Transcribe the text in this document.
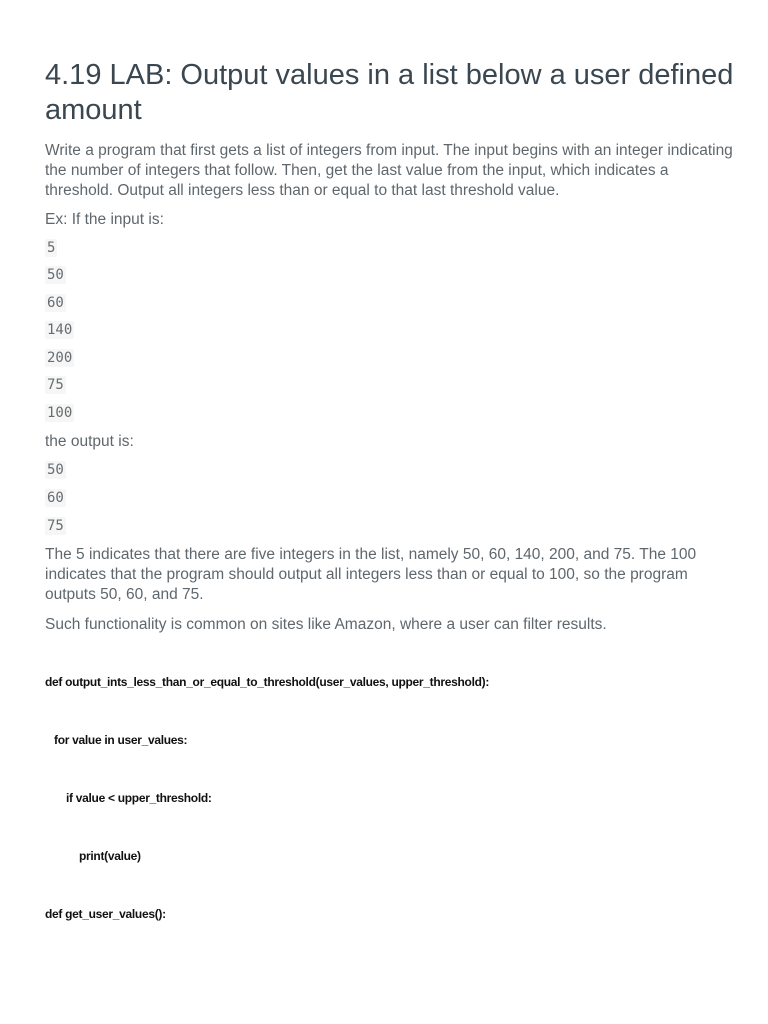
4.19 LAB: Output values in a list below a user defined amount

Write a program that first gets a list of integers from input. The input begins with an integer indicating the number of integers that follow. Then, get the last value from the input, which indicates a threshold. Output all integers less than or equal to that last threshold value.

Ex: If the input is:

5
50
60
140
200
75
100

the output is:

50
60
75

The 5 indicates that there are five integers in the list, namely 50, 60, 140, 200, and 75. The 100 indicates that the program should output all integers less than or equal to 100, so the program outputs 50, 60, and 75.

Such functionality is common on sites like Amazon, where a user can filter results.

def output_ints_less_than_or_equal_to_threshold(user_values, upper_threshold):
for value in user_values:
if value < upper_threshold:
print(value)
def get_user_values():
